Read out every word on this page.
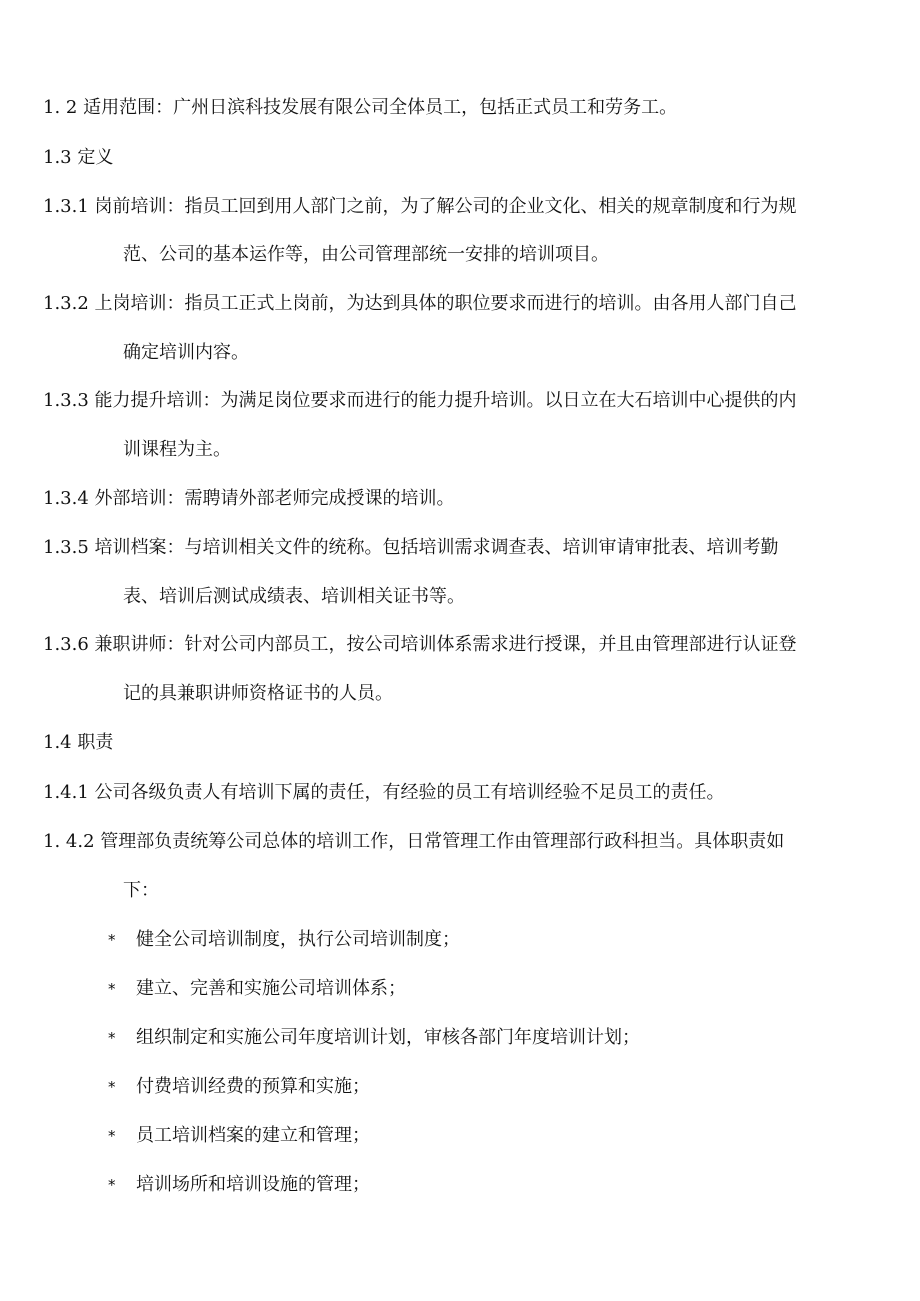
1. 2 适用范围：广州日滨科技发展有限公司全体员工，包括正式员工和劳务工。
1.3 定义
1.3.1 岗前培训：指员工回到用人部门之前，为了解公司的企业文化、相关的规章制度和行为规
范、公司的基本运作等，由公司管理部统一安排的培训项目。
1.3.2 上岗培训：指员工正式上岗前，为达到具体的职位要求而进行的培训。由各用人部门自己
确定培训内容。
1.3.3 能力提升培训：为满足岗位要求而进行的能力提升培训。以日立在大石培训中心提供的内
训课程为主。
1.3.4 外部培训：需聘请外部老师完成授课的培训。
1.3.5 培训档案：与培训相关文件的统称。包括培训需求调查表、培训审请审批表、培训考勤
表、培训后测试成绩表、培训相关证书等。
1.3.6 兼职讲师：针对公司内部员工，按公司培训体系需求进行授课，并且由管理部进行认证登
记的具兼职讲师资格证书的人员。
1.4 职责
1.4.1 公司各级负责人有培训下属的责任，有经验的员工有培训经验不足员工的责任。
1. 4.2 管理部负责统筹公司总体的培训工作，日常管理工作由管理部行政科担当。具体职责如
下：
* 健全公司培训制度，执行公司培训制度；
* 建立、完善和实施公司培训体系；
* 组织制定和实施公司年度培训计划，审核各部门年度培训计划；
* 付费培训经费的预算和实施；
* 员工培训档案的建立和管理；
* 培训场所和培训设施的管理；
